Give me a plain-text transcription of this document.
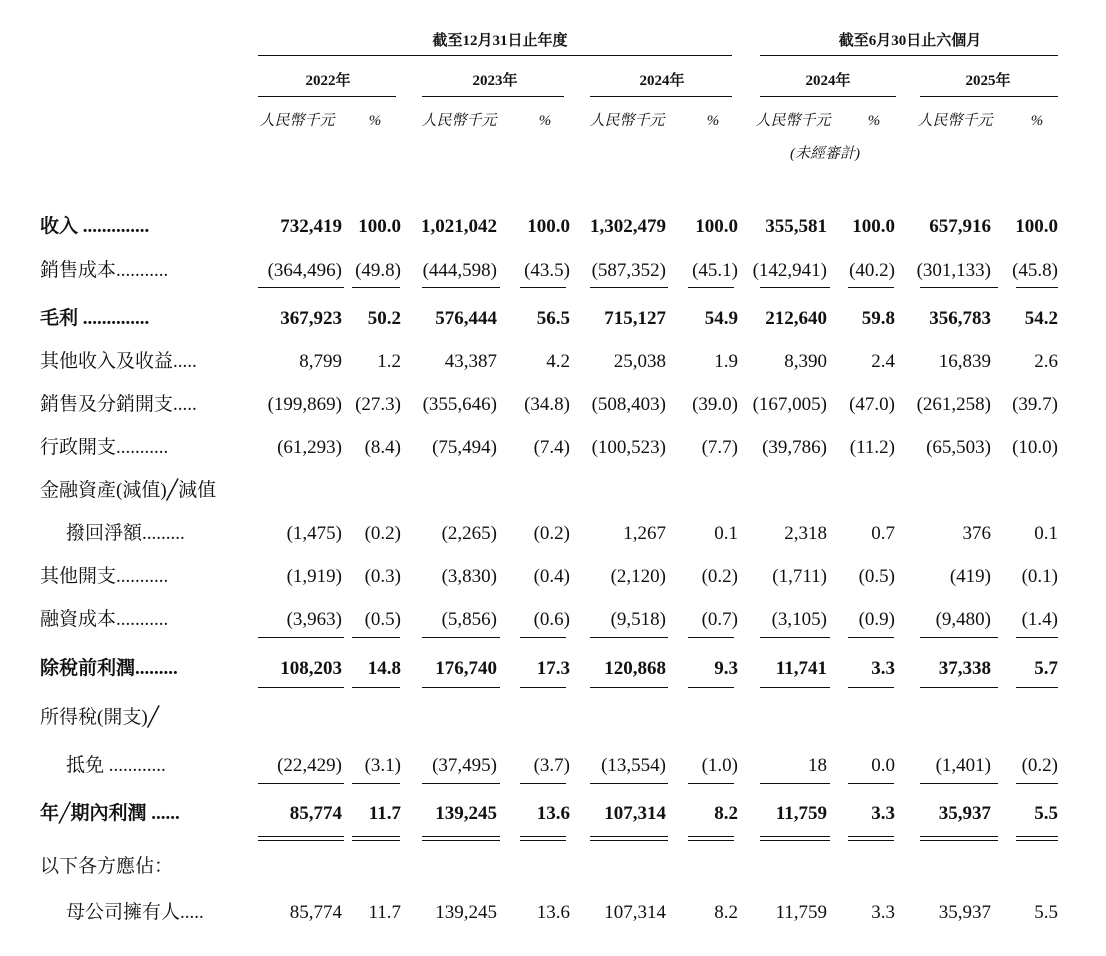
截至12月31日止年度	截至6月30日止六個月
2022年	2023年	2024年	2024年	2025年
人民幣千元	%	人民幣千元	%	人民幣千元	%	人民幣千元	%	人民幣千元	%
(未經審計)
收入 ..............	732,419 100.0	1,021,042	100.0	1,302,479	100.0	355,581	100.0	657,916	100.0
銷售成本...........	(364,496) (49.8)	(444,598)	(43.5)	(587,352)	(45.1) (142,941)	(40.2)	(301,133)	(45.8)
毛利 ..............	367,923	50.2	576,444	56.5	715,127	54.9	212,640	59.8	356,783	54.2
其他收入及收益.....	8,799	1.2	43,387	4.2	25,038	1.9	8,390	2.4	16,839	2.6
銷售及分銷開支.....	(199,869) (27.3)	(355,646)	(34.8)	(508,403)	(39.0) (167,005)	(47.0)	(261,258)	(39.7)
行政開支...........	(61,293)	(8.4)	(75,494)	(7.4)	(100,523)	(7.7)	(39,786)	(11.2)	(65,503)	(10.0)
金融資產(減值)╱減值
撥回淨額.........	(1,475)	(0.2)	(2,265)	(0.2)	1,267	0.1	2,318	0.7	376	0.1
其他開支...........	(1,919)	(0.3)	(3,830)	(0.4)	(2,120)	(0.2)	(1,711)	(0.5)	(419)	(0.1)
融資成本...........	(3,963)	(0.5)	(5,856)	(0.6)	(9,518)	(0.7)	(3,105)	(0.9)	(9,480)	(1.4)
除稅前利潤.........	108,203	14.8	176,740	17.3	120,868	9.3	11,741	3.3	37,338	5.7
所得稅(開支)╱
抵免 ............	(22,429)	(3.1)	(37,495)	(3.7)	(13,554)	(1.0)	18	0.0	(1,401)	(0.2)
年╱期內利潤 ......	85,774	11.7	139,245	13.6	107,314	8.2	11,759	3.3	35,937	5.5
以下各方應佔：
母公司擁有人.....	85,774	11.7	139,245	13.6	107,314	8.2	11,759	3.3	35,937	5.5
